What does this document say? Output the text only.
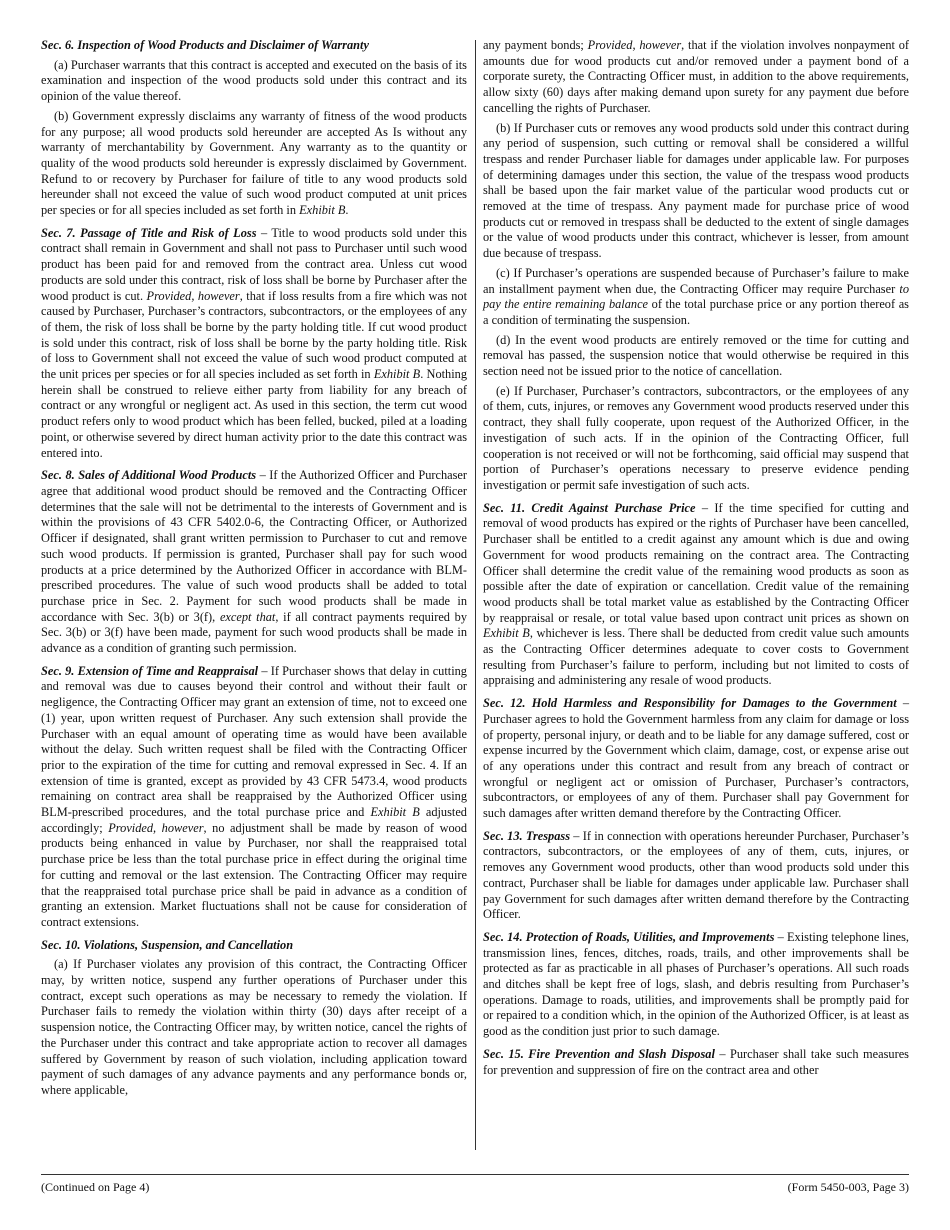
Sec. 6. Inspection of Wood Products and Disclaimer of Warranty

(a) Purchaser warrants that this contract is accepted and executed on the basis of its examination and inspection of the wood products sold under this contract and its opinion of the value thereof.

(b) Government expressly disclaims any warranty of fitness of the wood products for any purpose; all wood products sold hereunder are accepted As Is without any warranty of merchantability by Government. Any warranty as to the quantity or quality of the wood products sold hereunder is expressly disclaimed by Government. Refund to or recovery by Purchaser for failure of title to any wood products sold hereunder shall not exceed the value of such wood product computed at unit prices per species or for all species included as set forth in Exhibit B.

Sec. 7. Passage of Title and Risk of Loss – Title to wood products sold under this contract shall remain in Government and shall not pass to Purchaser until such wood product has been paid for and removed from the contract area. Unless cut wood products are sold under this contract, risk of loss shall be borne by Purchaser after the wood product is cut. Provided, however, that if loss results from a fire which was not caused by Purchaser, Purchaser’s contractors, subcontractors, or the employees of any of them, the risk of loss shall be borne by the party holding title. If cut wood product is sold under this contract, risk of loss shall be borne by the party holding title. Risk of loss to Government shall not exceed the value of such wood product computed at the unit prices per species or for all species included as set forth in Exhibit B. Nothing herein shall be construed to relieve either party from liability for any breach of contract or any wrongful or negligent act. As used in this section, the term cut wood product refers only to wood product which has been felled, bucked, piled at a loading point, or otherwise severed by direct human activity prior to the date this contract was entered into.

Sec. 8. Sales of Additional Wood Products – If the Authorized Officer and Purchaser agree that additional wood product should be removed and the Contracting Officer determines that the sale will not be detrimental to the interests of Government and is within the provisions of 43 CFR 5402.0-6, the Contracting Officer, or Authorized Officer if designated, shall grant written permission to Purchaser to cut and remove such wood products. If permission is granted, Purchaser shall pay for such wood products at a price determined by the Authorized Officer in accordance with BLM-prescribed procedures. The value of such wood products shall be added to total purchase price in Sec. 2. Payment for such wood products shall be made in accordance with Sec. 3(b) or 3(f), except that, if all contract payments required by Sec. 3(b) or 3(f) have been made, payment for such wood products shall be made in advance as a condition of granting such permission.

Sec. 9. Extension of Time and Reappraisal – If Purchaser shows that delay in cutting and removal was due to causes beyond their control and without their fault or negligence, the Contracting Officer may grant an extension of time, not to exceed one (1) year, upon written request of Purchaser. Any such extension shall provide the Purchaser with an equal amount of operating time as would have been available without the delay. Such written request shall be filed with the Contracting Officer prior to the expiration of the time for cutting and removal expressed in Sec. 4. If an extension of time is granted, except as provided by 43 CFR 5473.4, wood products remaining on contract area shall be reappraised by the Authorized Officer using BLM-prescribed procedures, and the total purchase price and Exhibit B adjusted accordingly; Provided, however, no adjustment shall be made by reason of wood products being enhanced in value by Purchaser, nor shall the reappraised total purchase price be less than the total purchase price in effect during the original time for cutting and removal or the last extension. The Contracting Officer may require that the reappraised total purchase price shall be paid in advance as a condition of granting an extension. Market fluctuations shall not be cause for consideration of contract extensions.

Sec. 10. Violations, Suspension, and Cancellation

(a) If Purchaser violates any provision of this contract, the Contracting Officer may, by written notice, suspend any further operations of Purchaser under this contract, except such operations as may be necessary to remedy the violation. If Purchaser fails to remedy the violation within thirty (30) days after receipt of a suspension notice, the Contracting Officer may, by written notice, cancel the rights of the Purchaser under this contract and take appropriate action to recover all damages suffered by Government by reason of such violation, including application toward payment of such damages of any advance payments and any performance bonds or, where applicable,

any payment bonds; Provided, however, that if the violation involves nonpayment of amounts due for wood products cut and/or removed under a payment bond of a corporate surety, the Contracting Officer must, in addition to the above requirements, allow sixty (60) days after making demand upon surety for any payment due before cancelling the rights of Purchaser.

(b) If Purchaser cuts or removes any wood products sold under this contract during any period of suspension, such cutting or removal shall be considered a willful trespass and render Purchaser liable for damages under applicable law. For purposes of determining damages under this section, the value of the trespass wood products shall be based upon the fair market value of the particular wood products cut or removed at the time of trespass. Any payment made for purchase price of wood products cut or removed in trespass shall be deducted to the extent of single damages or the value of wood products under this contract, whichever is lesser, from amount due because of trespass.

(c) If Purchaser’s operations are suspended because of Purchaser’s failure to make an installment payment when due, the Contracting Officer may require Purchaser to pay the entire remaining balance of the total purchase price or any portion thereof as a condition of terminating the suspension.

(d) In the event wood products are entirely removed or the time for cutting and removal has passed, the suspension notice that would otherwise be required in this section need not be issued prior to the notice of cancellation.

(e) If Purchaser, Purchaser’s contractors, subcontractors, or the employees of any of them, cuts, injures, or removes any Government wood products reserved under this contract, they shall fully cooperate, upon request of the Authorized Officer, in the investigation of such acts. If in the opinion of the Contracting Officer, full cooperation is not received or will not be forthcoming, said official may suspend that portion of Purchaser’s operations necessary to preserve evidence pending investigation or permit safe investigation of such acts.

Sec. 11. Credit Against Purchase Price – If the time specified for cutting and removal of wood products has expired or the rights of Purchaser have been cancelled, Purchaser shall be entitled to a credit against any amount which is due and owing Government for wood products remaining on the contract area. The Contracting Officer shall determine the credit value of the remaining wood products as soon as possible after the date of expiration or cancellation. Credit value of the remaining wood products shall be total market value as established by the Contracting Officer by reappraisal or resale, or total value based upon contract unit prices as shown on Exhibit B, whichever is less. There shall be deducted from credit value such amounts as the Contracting Officer determines adequate to cover costs to Government resulting from Purchaser’s failure to perform, including but not limited to costs of appraising and administering any resale of wood products.

Sec. 12. Hold Harmless and Responsibility for Damages to the Government – Purchaser agrees to hold the Government harmless from any claim for damage or loss of property, personal injury, or death and to be liable for any damage suffered, cost or expense incurred by the Government which claim, damage, cost, or expense arise out of any operations under this contract and result from any breach of contract or wrongful or negligent act or omission of Purchaser, Purchaser’s contractors, subcontractors, or employees of any of them. Purchaser shall pay Government for such damages after written demand therefore by the Contracting Officer.

Sec. 13. Trespass – If in connection with operations hereunder Purchaser, Purchaser’s contractors, subcontractors, or the employees of any of them, cuts, injures, or removes any Government wood products, other than wood products sold under this contract, Purchaser shall be liable for damages under applicable law. Purchaser shall pay Government for such damages after written demand therefore by the Contracting Officer.

Sec. 14. Protection of Roads, Utilities, and Improvements – Existing telephone lines, transmission lines, fences, ditches, roads, trails, and other improvements shall be protected as far as practicable in all phases of Purchaser’s operations. All such roads and ditches shall be kept free of logs, slash, and debris resulting from Purchaser’s operations. Damage to roads, utilities, and improvements shall be promptly paid for or repaired to a condition which, in the opinion of the Authorized Officer, is at least as good as the condition just prior to such damage.

Sec. 15. Fire Prevention and Slash Disposal – Purchaser shall take such measures for prevention and suppression of fire on the contract area and other

(Continued on Page 4)	(Form 5450-003, Page 3)
